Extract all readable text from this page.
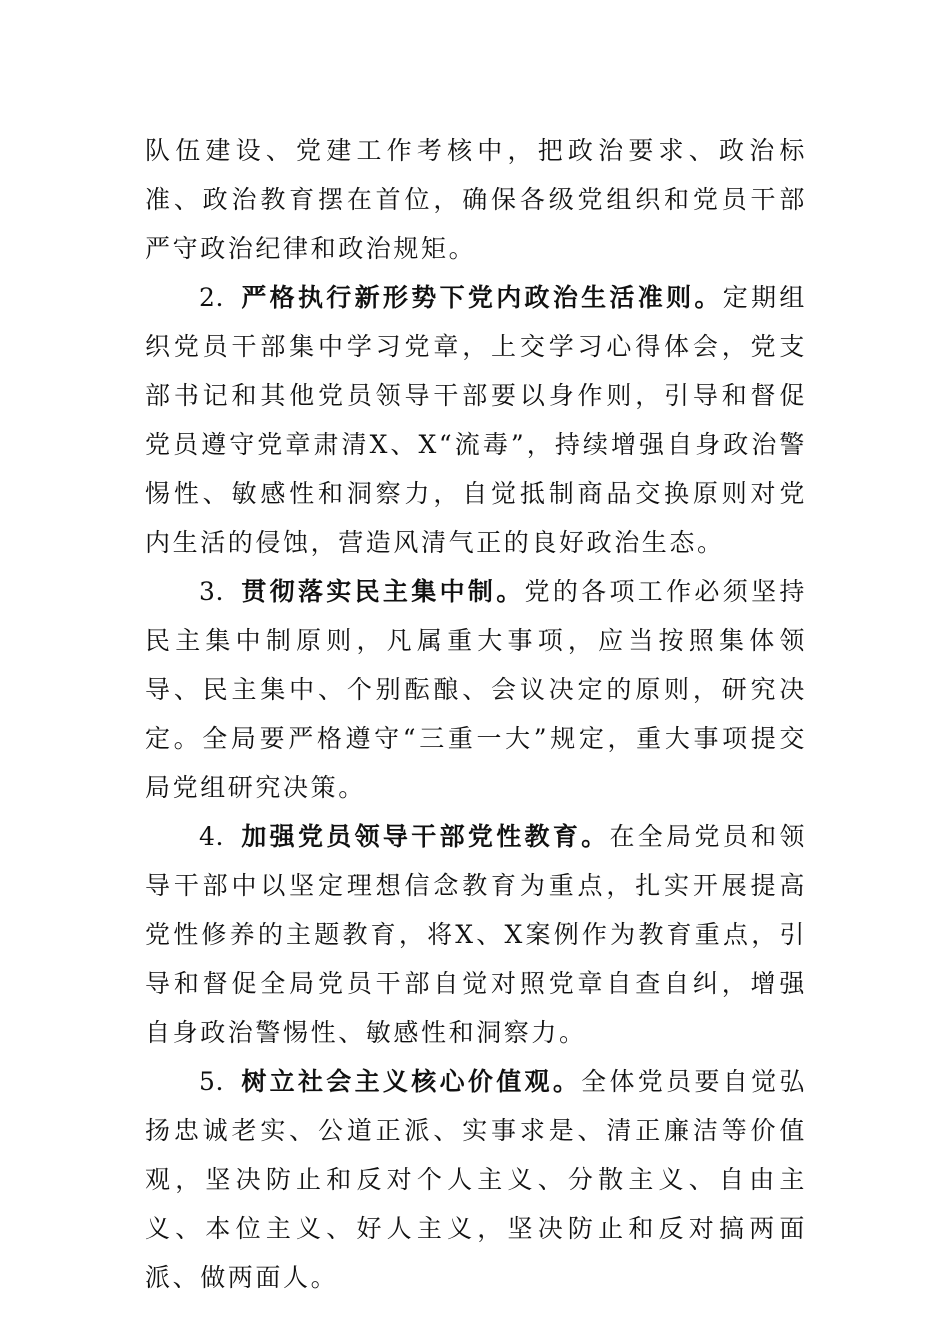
队伍建设、党建工作考核中，把政治要求、政治标准、政治教育摆在首位，确保各级党组织和党员干部严守政治纪律和政治规矩。

2．严格执行新形势下党内政治生活准则。定期组织党员干部集中学习党章，上交学习心得体会，党支部书记和其他党员领导干部要以身作则，引导和督促党员遵守党章肃清X、X“流毒”，持续增强自身政治警惕性、敏感性和洞察力，自觉抵制商品交换原则对党内生活的侵蚀，营造风清气正的良好政治生态。

3．贯彻落实民主集中制。党的各项工作必须坚持民主集中制原则，凡属重大事项，应当按照集体领导、民主集中、个别酝酿、会议决定的原则，研究决定。全局要严格遵守“三重一大”规定，重大事项提交局党组研究决策。

4．加强党员领导干部党性教育。在全局党员和领导干部中以坚定理想信念教育为重点，扎实开展提高党性修养的主题教育，将X、X案例作为教育重点，引导和督促全局党员干部自觉对照党章自查自纠，增强自身政治警惕性、敏感性和洞察力。

5．树立社会主义核心价值观。全体党员要自觉弘扬忠诚老实、公道正派、实事求是、清正廉洁等价值观，坚决防止和反对个人主义、分散主义、自由主义、本位主义、好人主义，坚决防止和反对搞两面派、做两面人。
